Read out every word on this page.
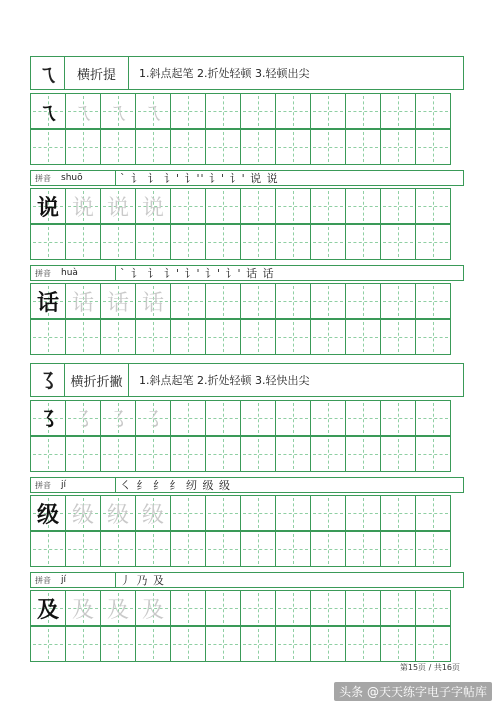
ㄟ	横折提	1.斜点起笔 2.折处轻顿 3.轻顿出尖
ㄟ ㄟ ㄟ ㄟ
拼音	shuō	` 讠 讠 讠' 讠'' 讠' 讠' 说 说
说 说 说 说
拼音	huà	` 讠 讠 讠' 讠' 讠' 讠' 话 话
话 话 话 话
㇌ 横折折撇	1.斜点起笔 2.折处轻顿 3.轻快出尖
㇌ ㇌ ㇌ ㇌
拼音	jí	㇛ 纟 纟 纟 纫 级 级
级 级 级 级
拼音	jí	丿 乃 及
及 及 及 及
第15页 / 共16页
头条 @天天练字电子字帖库
